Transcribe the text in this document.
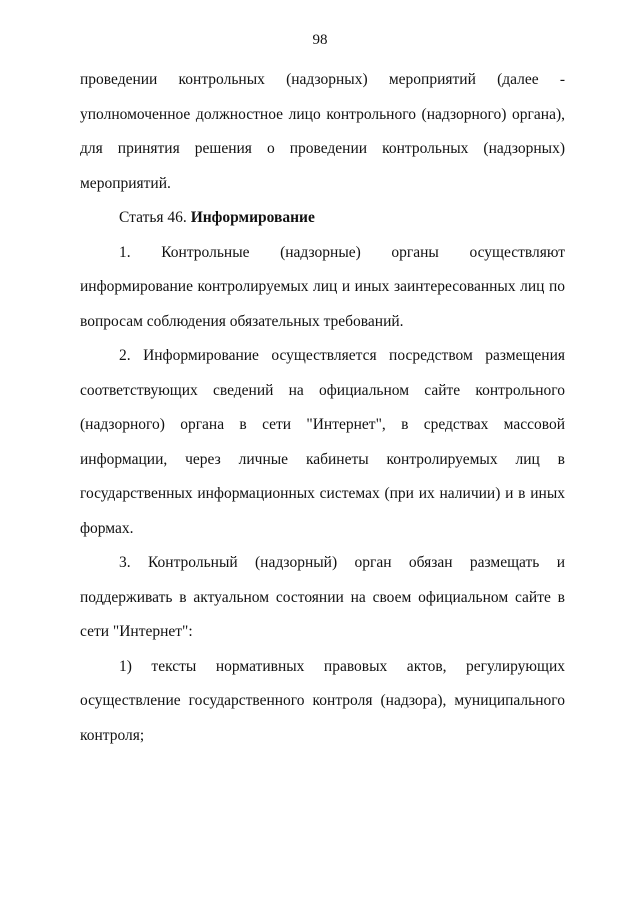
98
проведении контрольных (надзорных) мероприятий (далее -
уполномоченное должностное лицо контрольного (надзорного) органа),
для принятия решения о проведении контрольных (надзорных)
мероприятий.
Статья 46. Информирование
1. Контрольные (надзорные) органы осуществляют
информирование контролируемых лиц и иных заинтересованных лиц по
вопросам соблюдения обязательных требований.
2. Информирование осуществляется посредством размещения
соответствующих сведений на официальном сайте контрольного
(надзорного) органа в сети "Интернет", в средствах массовой
информации, через личные кабинеты контролируемых лиц в
государственных информационных системах (при их наличии) и в иных
формах.
3. Контрольный (надзорный) орган обязан размещать и
поддерживать в актуальном состоянии на своем официальном сайте в
сети "Интернет":
1) тексты нормативных правовых актов, регулирующих
осуществление государственного контроля (надзора), муниципального
контроля;
